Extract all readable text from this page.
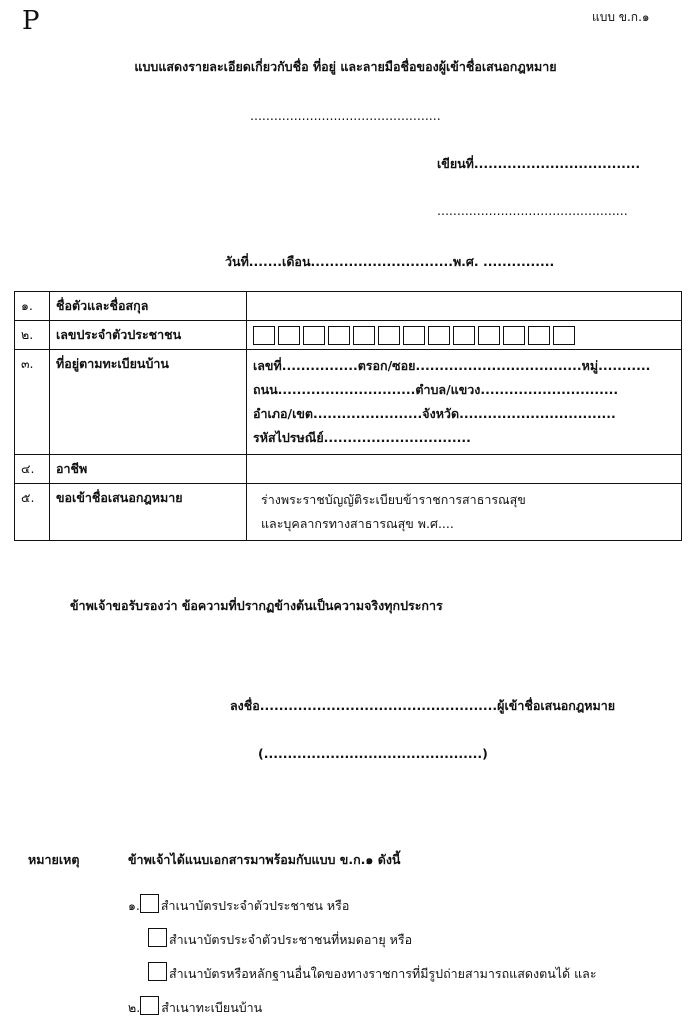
P	แบบ ข.ก.๑
แบบแสดงรายละเอียดเกี่ยวกับชื่อ ที่อยู่ และลายมือชื่อของผู้เข้าชื่อเสนอกฎหมาย
................................................
เขียนที่...................................
................................................
วันที่.......เดือน..............................พ.ศ. ...............
๑.	ชื่อตัวและชื่อสกุล	
๒.	เลขประจำตัวประชาชน	

๓.	ที่อยู่ตามทะเบียนบ้าน	เลขที่................ตรอก/ซอย...................................หมู่...........
ถนน.............................ตำบล/แขวง.............................
อำเภอ/เขต.......................จังหวัด.................................
รหัสไปรษณีย์...............................

๔.	อาชีพ	
๕.	ขอเข้าชื่อเสนอกฎหมาย	ร่างพระราชบัญญัติระเบียบข้าราชการสาธารณสุข
และบุคลากรทางสาธารณสุข พ.ศ....
ข้าพเจ้าขอรับรองว่า ข้อความที่ปรากฏข้างต้นเป็นความจริงทุกประการ
ลงชื่อ..................................................ผู้เข้าชื่อเสนอกฎหมาย
(..............................................)
หมายเหตุ	ข้าพเจ้าได้แนบเอกสารมาพร้อมกับแบบ ข.ก.๑ ดังนี้
๑. สำเนาบัตรประจำตัวประชาชน หรือ
สำเนาบัตรประจำตัวประชาชนที่หมดอายุ หรือ
สำเนาบัตรหรือหลักฐานอื่นใดของทางราชการที่มีรูปถ่ายสามารถแสดงตนได้ และ
๒. สำเนาทะเบียนบ้าน
